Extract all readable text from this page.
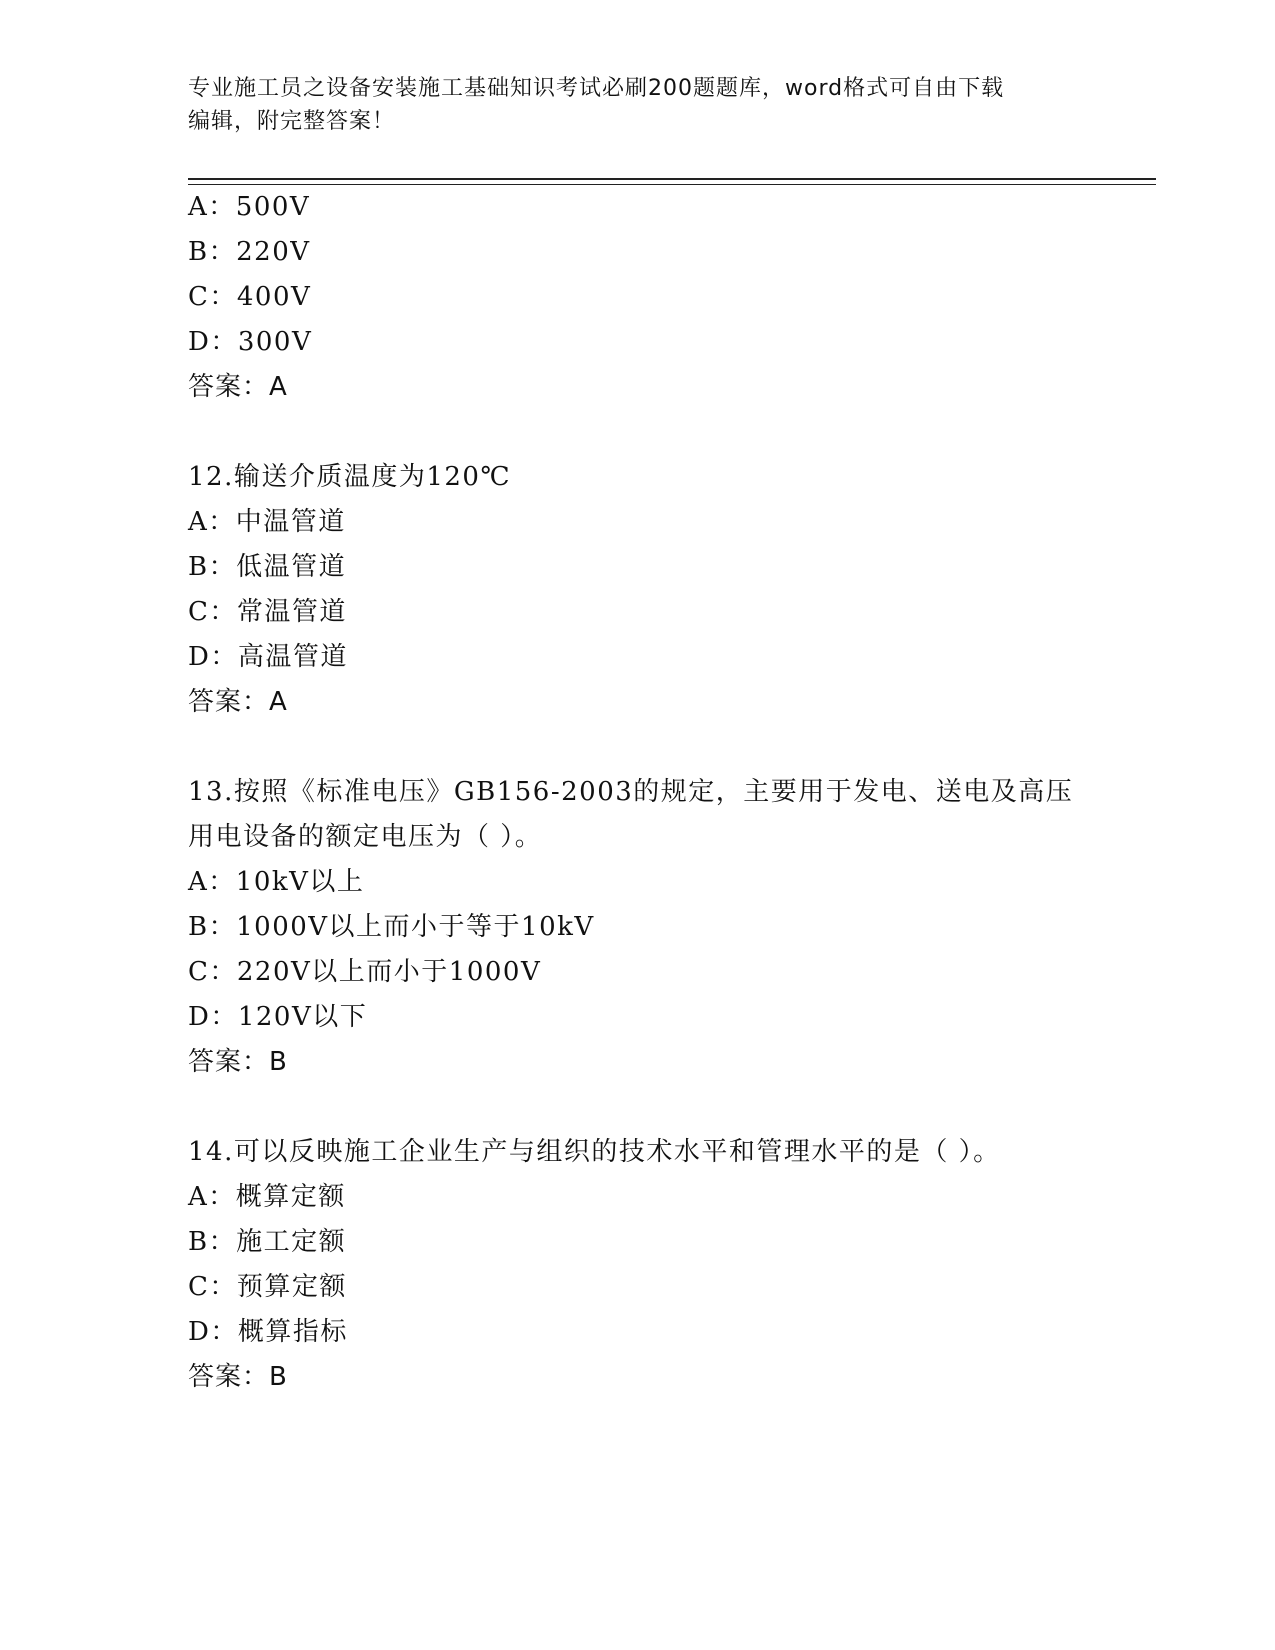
专业施工员之设备安装施工基础知识考试必刷200题题库，word格式可自由下载
编辑，附完整答案！
A：500V
B：220V
C：400V
D：300V
答案：A
12.输送介质温度为120℃
A：中温管道
B：低温管道
C：常温管道
D：高温管道
答案：A
13.按照《标准电压》GB156-2003的规定，主要用于发电、送电及高压
用电设备的额定电压为（ ）。
A：10kV以上
B：1000V以上而小于等于10kV
C：220V以上而小于1000V
D：120V以下
答案：B
14.可以反映施工企业生产与组织的技术水平和管理水平的是（ ）。
A：概算定额
B：施工定额
C：预算定额
D：概算指标
答案：B
